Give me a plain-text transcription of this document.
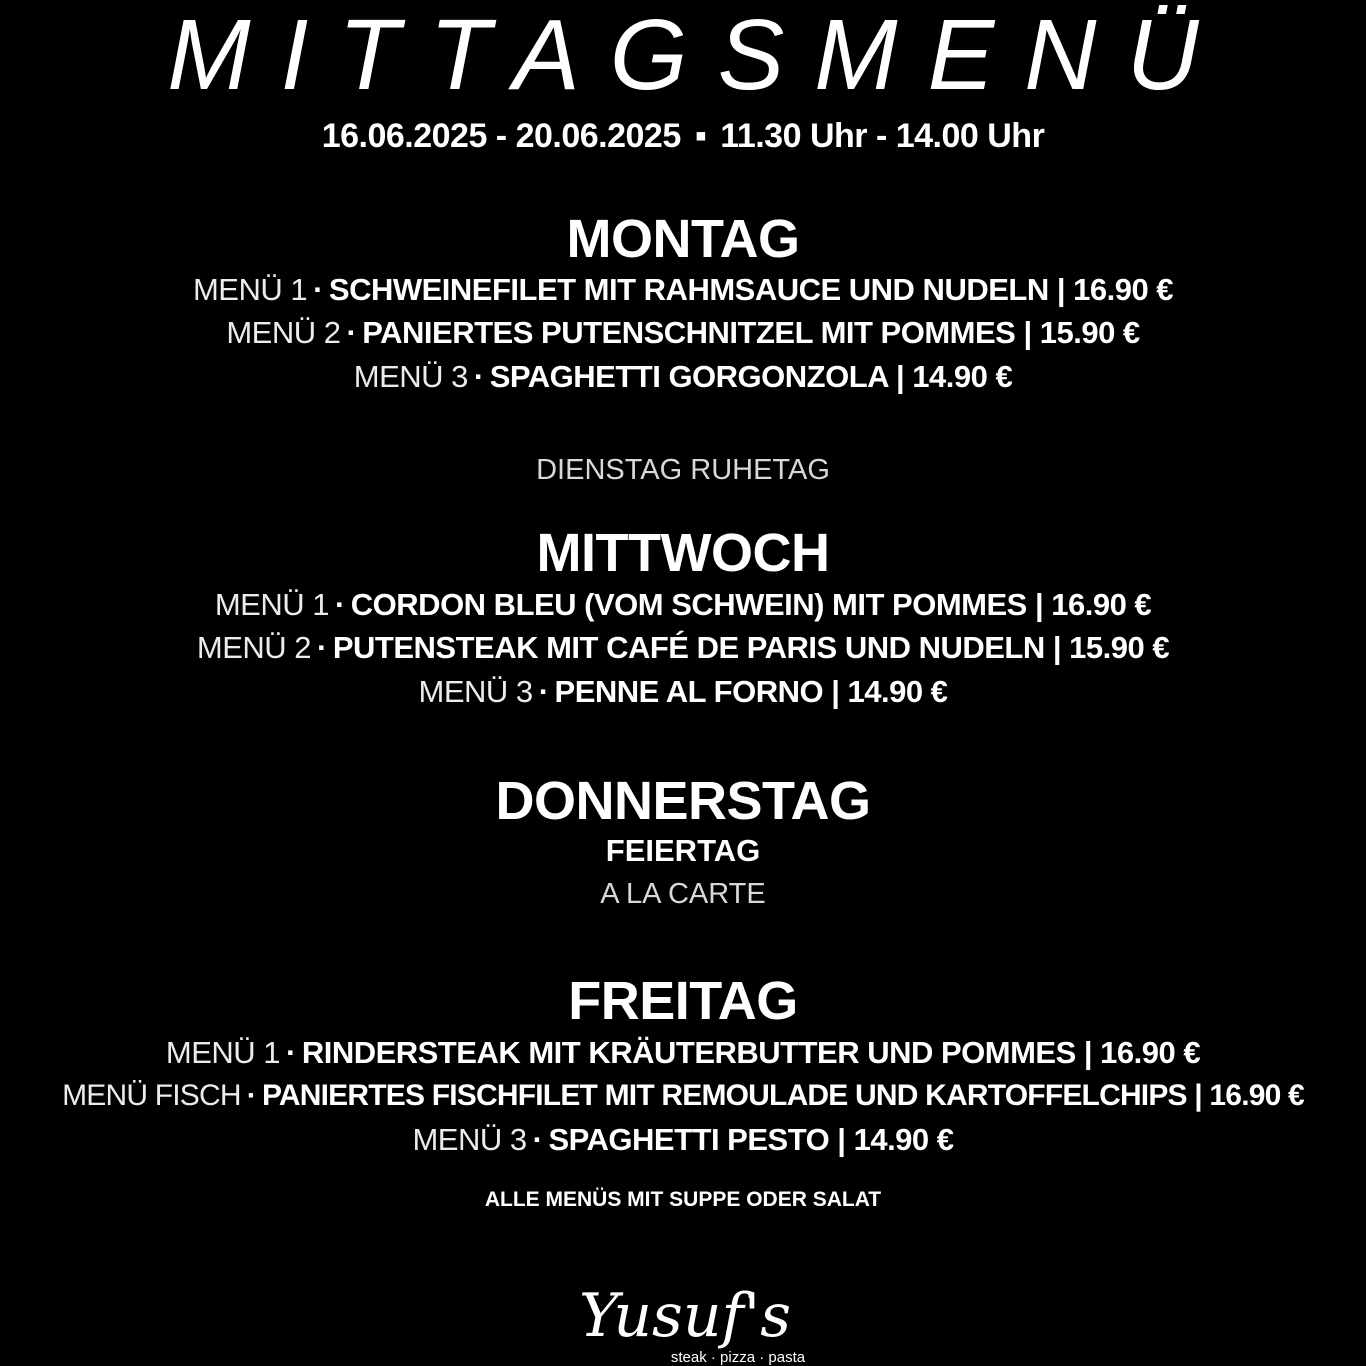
MITTAGSMENÜ
16.06.2025 - 20.06.2025 ▪ 11.30 Uhr - 14.00 Uhr
MONTAG
MENÜ 1 · SCHWEINEFILET MIT RAHMSAUCE UND NUDELN | 16.90 €
MENÜ 2 · PANIERTES PUTENSCHNITZEL MIT POMMES | 15.90 €
MENÜ 3 · SPAGHETTI GORGONZOLA | 14.90 €
DIENSTAG RUHETAG
MITTWOCH
MENÜ 1 · CORDON BLEU (VOM SCHWEIN) MIT POMMES | 16.90 €
MENÜ 2 · PUTENSTEAK MIT CAFÉ DE PARIS UND NUDELN | 15.90 €
MENÜ 3 · PENNE AL FORNO | 14.90 €
DONNERSTAG
FEIERTAG
A LA CARTE
FREITAG
MENÜ 1 · RINDERSTEAK MIT KRÄUTERBUTTER UND POMMES | 16.90 €
MENÜ FISCH · PANIERTES FISCHFILET MIT REMOULADE UND KARTOFFELCHIPS | 16.90 €
MENÜ 3 · SPAGHETTI PESTO | 14.90 €
ALLE MENÜS MIT SUPPE ODER SALAT
Yusuf's
steak · pizza · pasta
